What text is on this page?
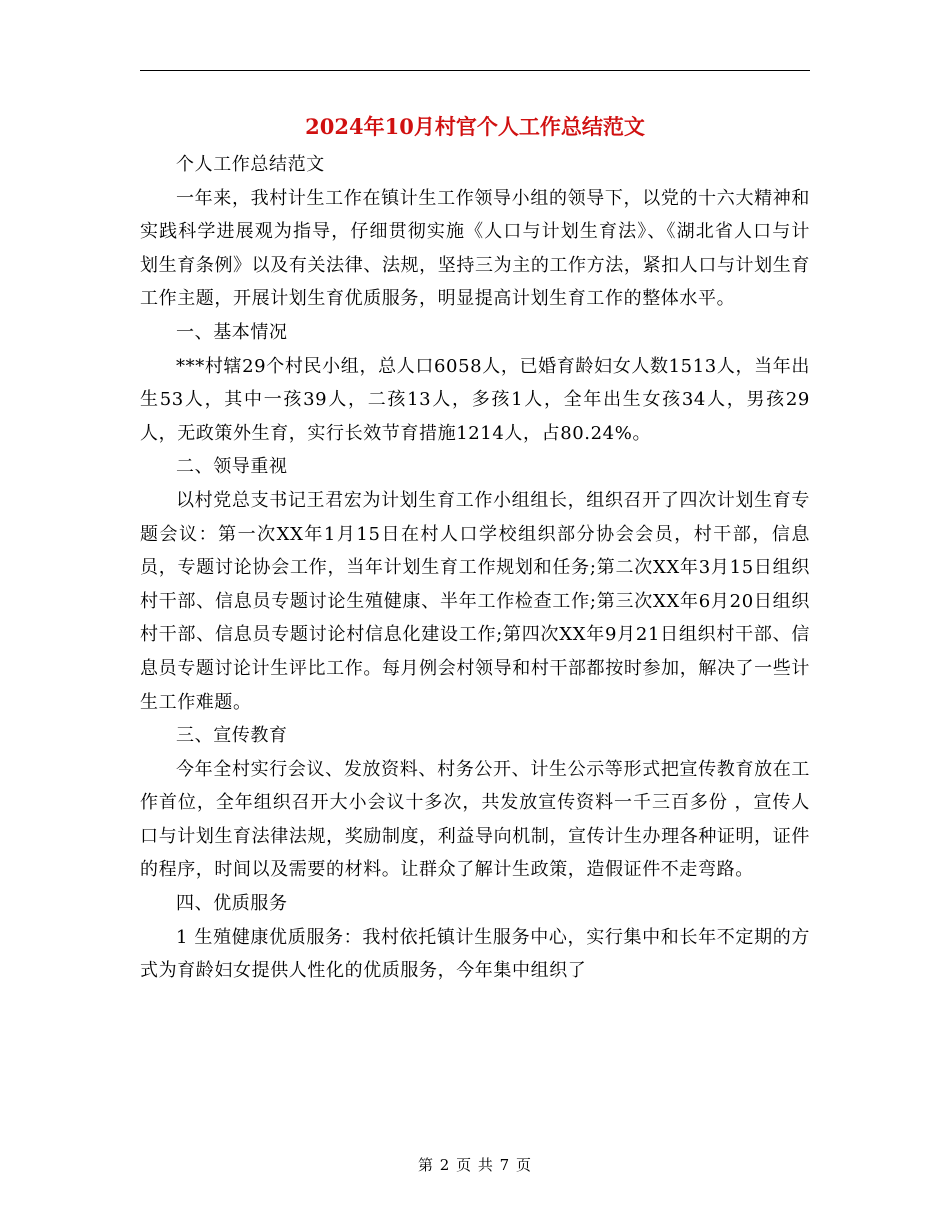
2024年10月村官个人工作总结范文

个人工作总结范文

一年来，我村计生工作在镇计生工作领导小组的领导下，以党的十六大精神和实践科学进展观为指导，仔细贯彻实施《人口与计划生育法》、《湖北省人口与计划生育条例》以及有关法律、法规，坚持三为主的工作方法，紧扣人口与计划生育工作主题，开展计划生育优质服务，明显提高计划生育工作的整体水平。

一、基本情况

***村辖29个村民小组，总人口6058人，已婚育龄妇女人数1513人，当年出生53人，其中一孩39人，二孩13人，多孩1人，全年出生女孩34人，男孩29人，无政策外生育，实行长效节育措施1214人，占80.24%。

二、领导重视

以村党总支书记王君宏为计划生育工作小组组长，组织召开了四次计划生育专题会议：第一次XX年1月15日在村人口学校组织部分协会会员，村干部，信息员，专题讨论协会工作，当年计划生育工作规划和任务;第二次XX年3月15日组织村干部、信息员专题讨论生殖健康、半年工作检查工作;第三次XX年6月20日组织村干部、信息员专题讨论村信息化建设工作;第四次XX年9月21日组织村干部、信息员专题讨论计生评比工作。每月例会村领导和村干部都按时参加，解决了一些计生工作难题。

三、宣传教育

今年全村实行会议、发放资料、村务公开、计生公示等形式把宣传教育放在工作首位，全年组织召开大小会议十多次，共发放宣传资料一千三百多份 ，宣传人口与计划生育法律法规，奖励制度，利益导向机制，宣传计生办理各种证明，证件的程序，时间以及需要的材料。让群众了解计生政策，造假证件不走弯路。

四、优质服务

1 生殖健康优质服务：我村依托镇计生服务中心，实行集中和长年不定期的方式为育龄妇女提供人性化的优质服务，今年集中组织了

第 2 页 共 7 页
